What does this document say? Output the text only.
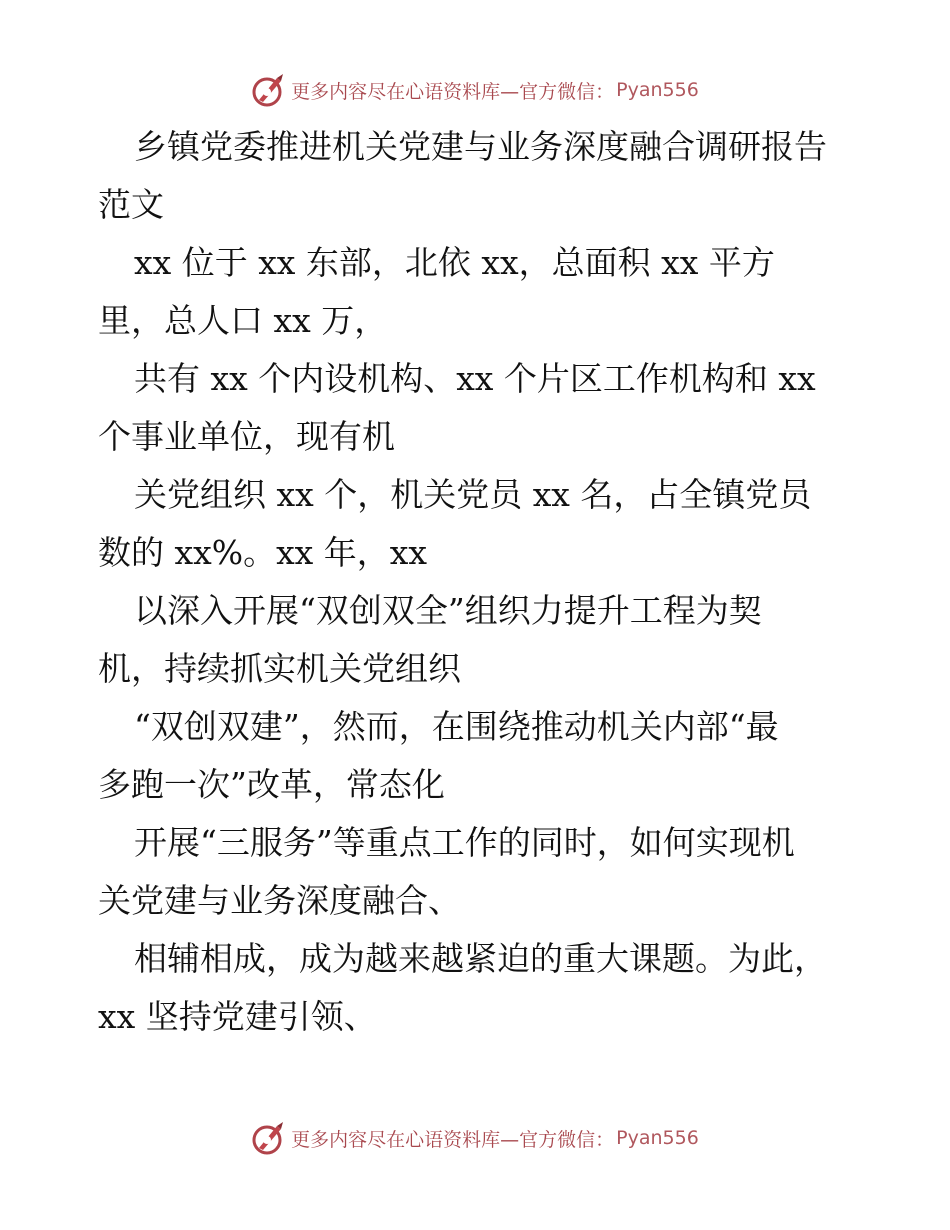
更多内容尽在心语资料库—官方微信： Pyan556
乡镇党委推进机关党建与业务深度融合调研报告
范文
xx 位于 xx 东部，北依 xx，总面积 xx 平方
里，总人口 xx 万，
共有 xx 个内设机构、xx 个片区工作机构和 xx
个事业单位，现有机
关党组织 xx 个，机关党员 xx 名，占全镇党员
数的 xx%。xx 年，xx
以深入开展“双创双全”组织力提升工程为契
机，持续抓实机关党组织
“双创双建”，然而，在围绕推动机关内部“最
多跑一次”改革，常态化
开展“三服务”等重点工作的同时，如何实现机
关党建与业务深度融合、
相辅相成，成为越来越紧迫的重大课题。为此，
xx 坚持党建引领、
更多内容尽在心语资料库—官方微信： Pyan556
